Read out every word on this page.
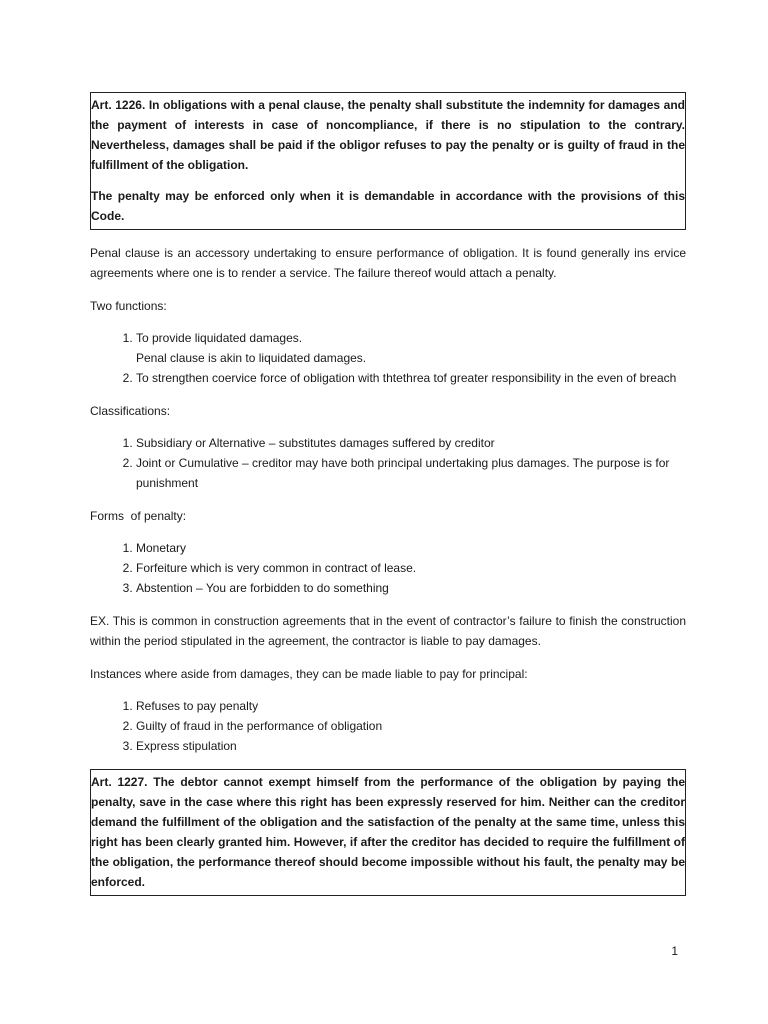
Art. 1226. In obligations with a penal clause, the penalty shall substitute the indemnity for damages and the payment of interests in case of noncompliance, if there is no stipulation to the contrary. Nevertheless, damages shall be paid if the obligor refuses to pay the penalty or is guilty of fraud in the fulfillment of the obligation.

The penalty may be enforced only when it is demandable in accordance with the provisions of this Code.

Penal clause is an accessory undertaking to ensure performance of obligation. It is found generally ins ervice agreements where one is to render a service. The failure thereof would attach a penalty.

Two functions:

1. To provide liquidated damages.
Penal clause is akin to liquidated damages.
2. To strengthen coervice force of obligation with thtethrea tof greater responsibility in the even of breach

Classifications:

1. Subsidiary or Alternative – substitutes damages suffered by creditor
2. Joint or Cumulative – creditor may have both principal undertaking plus damages. The purpose is for punishment

Forms  of penalty:

1. Monetary
2. Forfeiture which is very common in contract of lease.
3. Abstention – You are forbidden to do something

EX. This is common in construction agreements that in the event of contractor’s failure to finish the construction within the period stipulated in the agreement, the contractor is liable to pay damages.

Instances where aside from damages, they can be made liable to pay for principal:

1. Refuses to pay penalty
2. Guilty of fraud in the performance of obligation
3. Express stipulation

Art. 1227. The debtor cannot exempt himself from the performance of the obligation by paying the penalty, save in the case where this right has been expressly reserved for him. Neither can the creditor demand the fulfillment of the obligation and the satisfaction of the penalty at the same time, unless this right has been clearly granted him. However, if after the creditor has decided to require the fulfillment of the obligation, the performance thereof should become impossible without his fault, the penalty may be enforced.

1
